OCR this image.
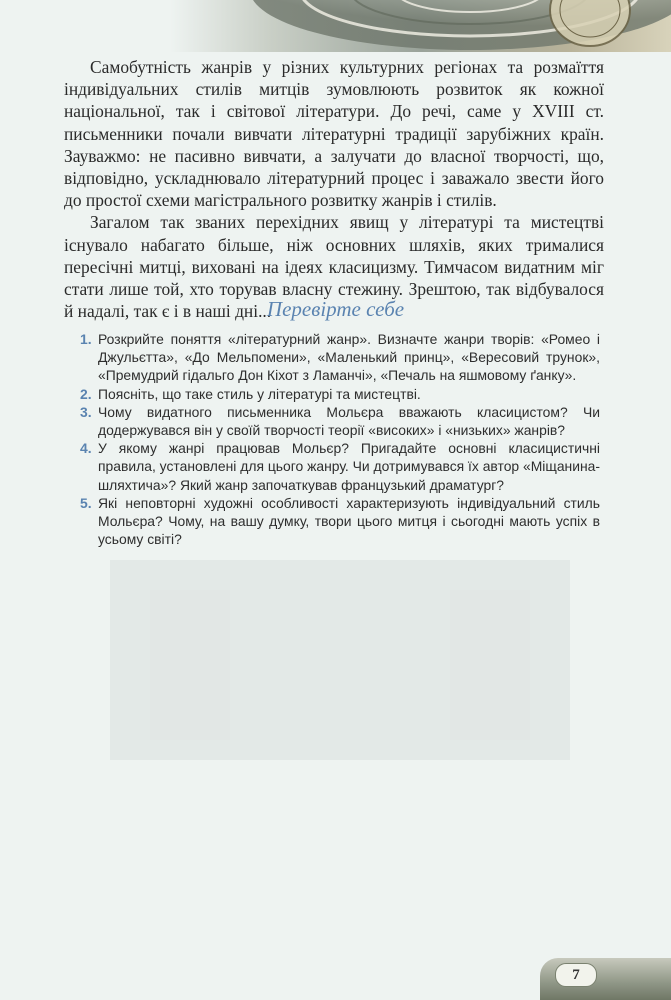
Самобутність жанрів у різних культурних регіонах та розмаїття індивідуальних стилів митців зумовлюють розвиток як кожної національної, так і світової літератури. До речі, саме у XVIII ст. письменники почали вивчати літературні традиції зарубіжних країн. Зауважмо: не пасивно вивчати, а залучати до власної творчості, що, відповідно, ускладнювало літературний процес і заважало звести його до простої схеми магістрального розвитку жанрів і стилів.

Загалом так званих перехідних явищ у літературі та мистецтві існувало набагато більше, ніж основних шляхів, яких трималися пересічні митці, виховані на ідеях класицизму. Тимчасом видатним міг стати лише той, хто торував власну стежину. Зрештою, так відбувалося й надалі, так є і в наші дні...

Перевірте себе
1. Розкрийте поняття «літературний жанр». Визначте жанри творів: «Ромео і Джульєтта», «До Мельпомени», «Маленький принц», «Вересовий трунок», «Премудрий гідальго Дон Кіхот з Ламанчі», «Печаль на яшмовому ґанку».
2. Поясніть, що таке стиль у літературі та мистецтві.
3. Чому видатного письменника Мольєра вважають класицистом? Чи додержувався він у своїй творчості теорії «високих» і «низьких» жанрів?
4. У якому жанрі працював Мольєр? Пригадайте основні класицистичні правила, установлені для цього жанру. Чи дотримувався їх автор «Міщанина-шляхтича»? Який жанр започаткував французький драматург?
5. Які неповторні художні особливості характеризують індивідуальний стиль Мольєра? Чому, на вашу думку, твори цього митця і сьогодні мають успіх в усьому світі?
7
